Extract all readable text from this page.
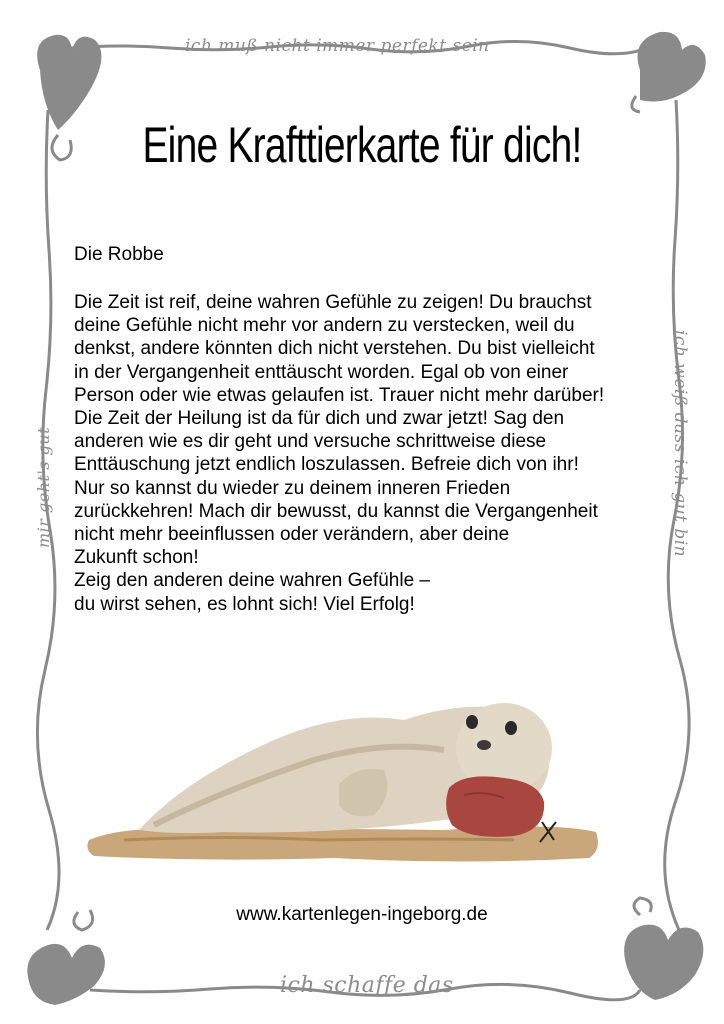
ich muß nicht immer perfekt sein
mir geht's gut	ich weiß dass ich gut bin
ich schaffe das
Eine Krafttierkarte für dich!
Die Robbe

Die Zeit ist reif, deine wahren Gefühle zu zeigen! Du brauchst

deine Gefühle nicht mehr vor andern zu verstecken, weil du

denkst, andere könnten dich nicht verstehen. Du bist vielleicht

in der Vergangenheit enttäuscht worden. Egal ob von einer

Person oder wie etwas gelaufen ist. Trauer nicht mehr darüber!

Die Zeit der Heilung ist da für dich und zwar jetzt! Sag den

anderen wie es dir geht und versuche schrittweise diese

Enttäuschung jetzt endlich loszulassen. Befreie dich von ihr!

Nur so kannst du wieder zu deinem inneren Frieden

zurückkehren! Mach dir bewusst, du kannst die Vergangenheit

nicht mehr beeinflussen oder verändern, aber deine

Zukunft schon!

Zeig den anderen deine wahren Gefühle –

du wirst sehen, es lohnt sich! Viel Erfolg!

www.kartenlegen-ingeborg.de
